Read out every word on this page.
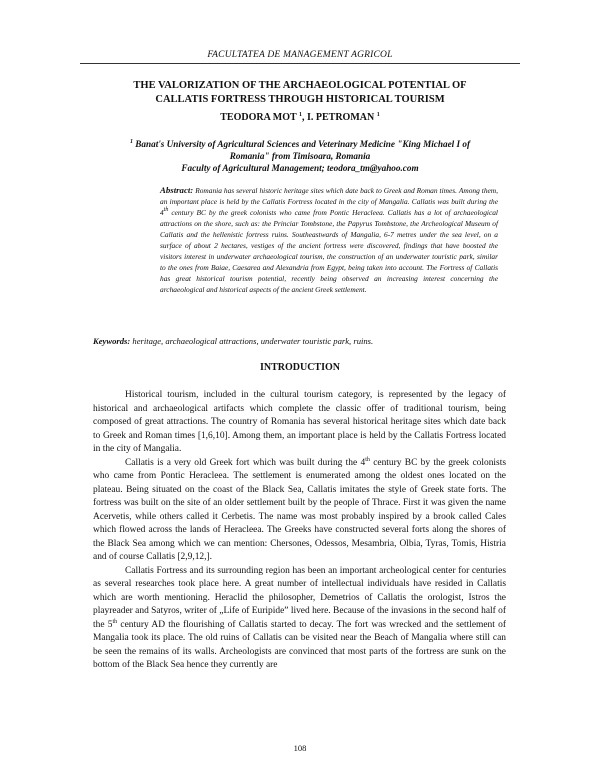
FACULTATEA DE MANAGEMENT AGRICOL
THE VALORIZATION OF THE ARCHAEOLOGICAL POTENTIAL OF
CALLATIS FORTRESS THROUGH HISTORICAL TOURISM
TEODORA MOT $^1$, I. PETROMAN $^1$
$^1$ Banat's University of Agricultural Sciences and Veterinary Medicine "King Michael I of
Romania" from Timisoara, Romania
Faculty of Agricultural Management; teodora_tm@yahoo.com
Abstract: Romania has several historic heritage sites which date back to Greek and Roman times. Among them, an important place is held by the Callatis Fortress located in the city of Mangalia. Callatis was built during the 4th century BC by the greek colonists who came from Pontic Heracleea. Callatis has a lot of archaeological attractions on the shore, such as: the Princiar Tombstone, the Papyrus Tombstone, the Archeological Museum of Callatis and the hellenistic fortress ruins. Southeastwards of Mangalia, 6-7 metres under the sea level, on a surface of about 2 hectares, vestiges of the ancient fortress were discovered, findings that have boosted the visitors interest in underwater archaeological tourism, the construction of an underwater touristic park, similar to the ones from Baiae, Caesarea and Alexandria from Egypt, being taken into account. The Fortress of Callatis has great historical tourism potential, recently being observed an increasing interest concerning the archaeological and historical aspects of the ancient Greek settlement.
Keywords: heritage, archaeological attractions, underwater touristic park, ruins.
INTRODUCTION

Historical tourism, included in the cultural tourism category, is represented by the legacy of historical and archaeological artifacts which complete the classic offer of traditional tourism, being composed of great attractions. The country of Romania has several historical heritage sites which date back to Greek and Roman times [1,6,10]. Among them, an important place is held by the Callatis Fortress located in the city of Mangalia.

Callatis is a very old Greek fort which was built during the 4th century BC by the greek colonists who came from Pontic Heracleea. The settlement is enumerated among the oldest ones located on the plateau. Being situated on the coast of the Black Sea, Callatis imitates the style of Greek state forts. The fortress was built on the site of an older settlement built by the people of Thrace. First it was given the name Acervetis, while others called it Cerbetis. The name was most probably inspired by a brook called Cales which flowed across the lands of Heracleea. The Greeks have constructed several forts along the shores of the Black Sea among which we can mention: Chersones, Odessos, Mesambria, Olbia, Tyras, Tomis, Histria and of course Callatis [2,9,12,].

Callatis Fortress and its surrounding region has been an important archeological center for centuries as several researches took place here. A great number of intellectual individuals have resided in Callatis which are worth mentioning. Heraclid the philosopher, Demetrios of Callatis the orologist, Istros the playreader and Satyros, writer of „Life of Euripide” lived here. Because of the invasions in the second half of the 5th century AD the flourishing of Callatis started to decay. The fort was wrecked and the settlement of Mangalia took its place. The old ruins of Callatis can be visited near the Beach of Mangalia where still can be seen the remains of its walls. Archeologists are convinced that most parts of the fortress are sunk on the bottom of the Black Sea hence they currently are

108
